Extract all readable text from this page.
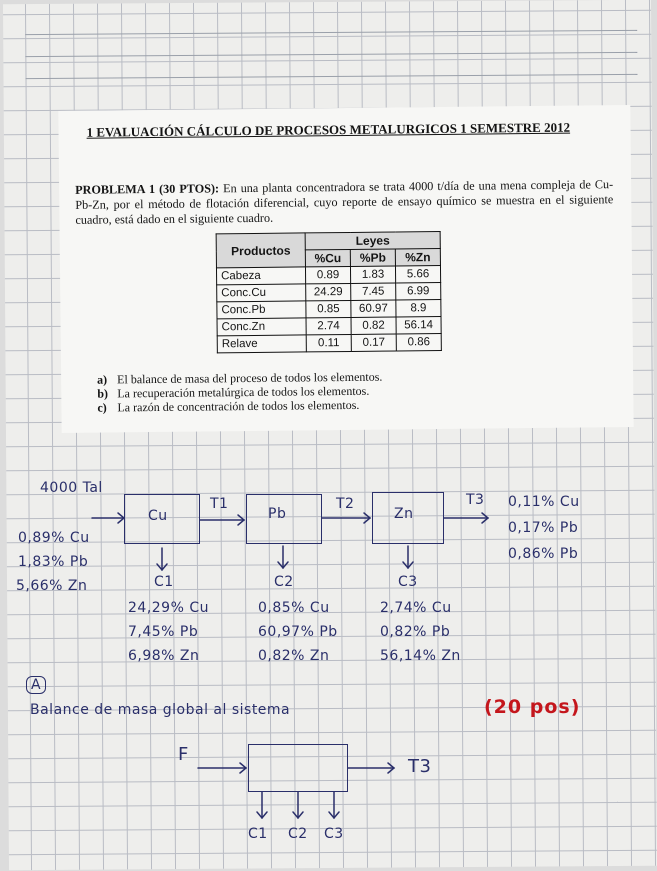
1 EVALUACIÓN CÁLCULO DE PROCESOS METALURGICOS 1 SEMESTRE 2012
PROBLEMA 1 (30 PTOS): En una planta concentradora se trata 4000 t/día de una mena compleja de Cu-Pb-Zn, por el método de flotación diferencial, cuyo reporte de ensayo químico se muestra en el siguiente cuadro, está dado en el siguiente cuadro.
Productos	Leyes		
	%Cu	%Pb	%Zn
Cabeza	0.89	1.83	5.66
Conc.Cu	24.29	7.45	6.99
Conc.Pb	0.85	60.97	8.9
Conc.Zn	2.74	0.82	56.14
Relave	0.11	0.17	0.86
a) El balance de masa del proceso de todos los elementos.
b) La recuperación metalúrgica de todos los elementos.
c) La razón de concentración de todos los elementos.
4000 Tal
0,89% Cu
1,83% Pb
5,66% Zn
Cu	Pb	Zn
T1	T2	T3 0,11% Cu
0,17% Pb
0,86% Pb
C1	C2	C3
24,29% Cu
7,45% Pb
6,98% Zn
0,85% Cu
60,97% Pb
0,82% Zn
2,74% Cu
0,82% Pb
56,14% Zn
A
Balance de masa global al sistema	(20 pos)
F
T3
C1 C2 C3
